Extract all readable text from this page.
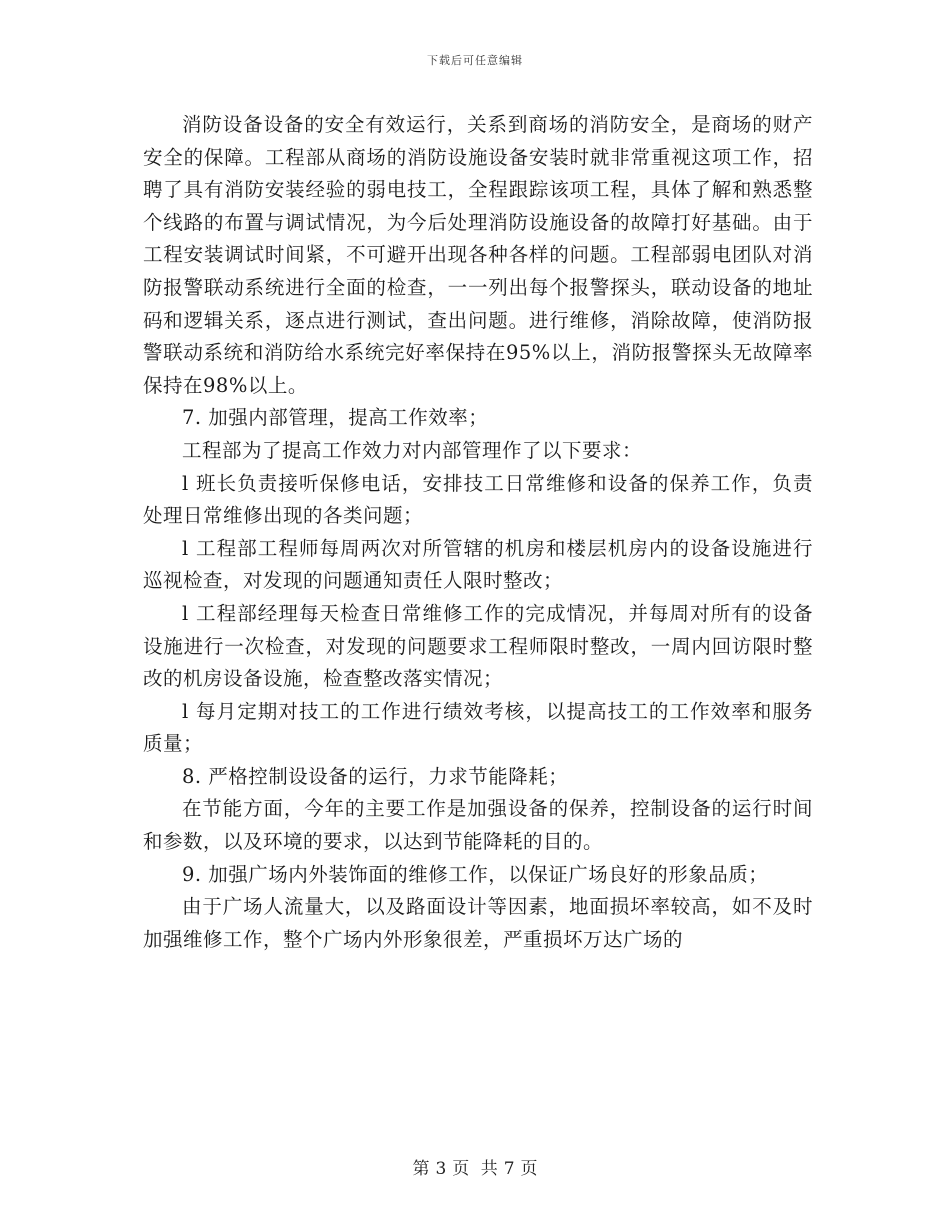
下载后可任意编辑

消防设备设备的安全有效运行，关系到商场的消防安全，是商场的财产安全的保障。工程部从商场的消防设施设备安装时就非常重视这项工作，招聘了具有消防安装经验的弱电技工，全程跟踪该项工程，具体了解和熟悉整个线路的布置与调试情况，为今后处理消防设施设备的故障打好基础。由于工程安装调试时间紧，不可避开出现各种各样的问题。工程部弱电团队对消防报警联动系统进行全面的检查，一一列出每个报警探头，联动设备的地址码和逻辑关系，逐点进行测试，查出问题。进行维修，消除故障，使消防报警联动系统和消防给水系统完好率保持在95%以上，消防报警探头无故障率保持在98%以上。

7. 加强内部管理，提高工作效率；

工程部为了提高工作效力对内部管理作了以下要求：

l 班长负责接听保修电话，安排技工日常维修和设备的保养工作，负责处理日常维修出现的各类问题；

l 工程部工程师每周两次对所管辖的机房和楼层机房内的设备设施进行巡视检查，对发现的问题通知责任人限时整改；

l 工程部经理每天检查日常维修工作的完成情况，并每周对所有的设备设施进行一次检查，对发现的问题要求工程师限时整改，一周内回访限时整改的机房设备设施，检查整改落实情况；

l 每月定期对技工的工作进行绩效考核，以提高技工的工作效率和服务质量；

8. 严格控制设设备的运行，力求节能降耗；

在节能方面，今年的主要工作是加强设备的保养，控制设备的运行时间和参数，以及环境的要求，以达到节能降耗的目的。

9. 加强广场内外装饰面的维修工作，以保证广场良好的形象品质；

由于广场人流量大，以及路面设计等因素，地面损坏率较高，如不及时加强维修工作，整个广场内外形象很差，严重损坏万达广场的

第 3 页 共 7 页
